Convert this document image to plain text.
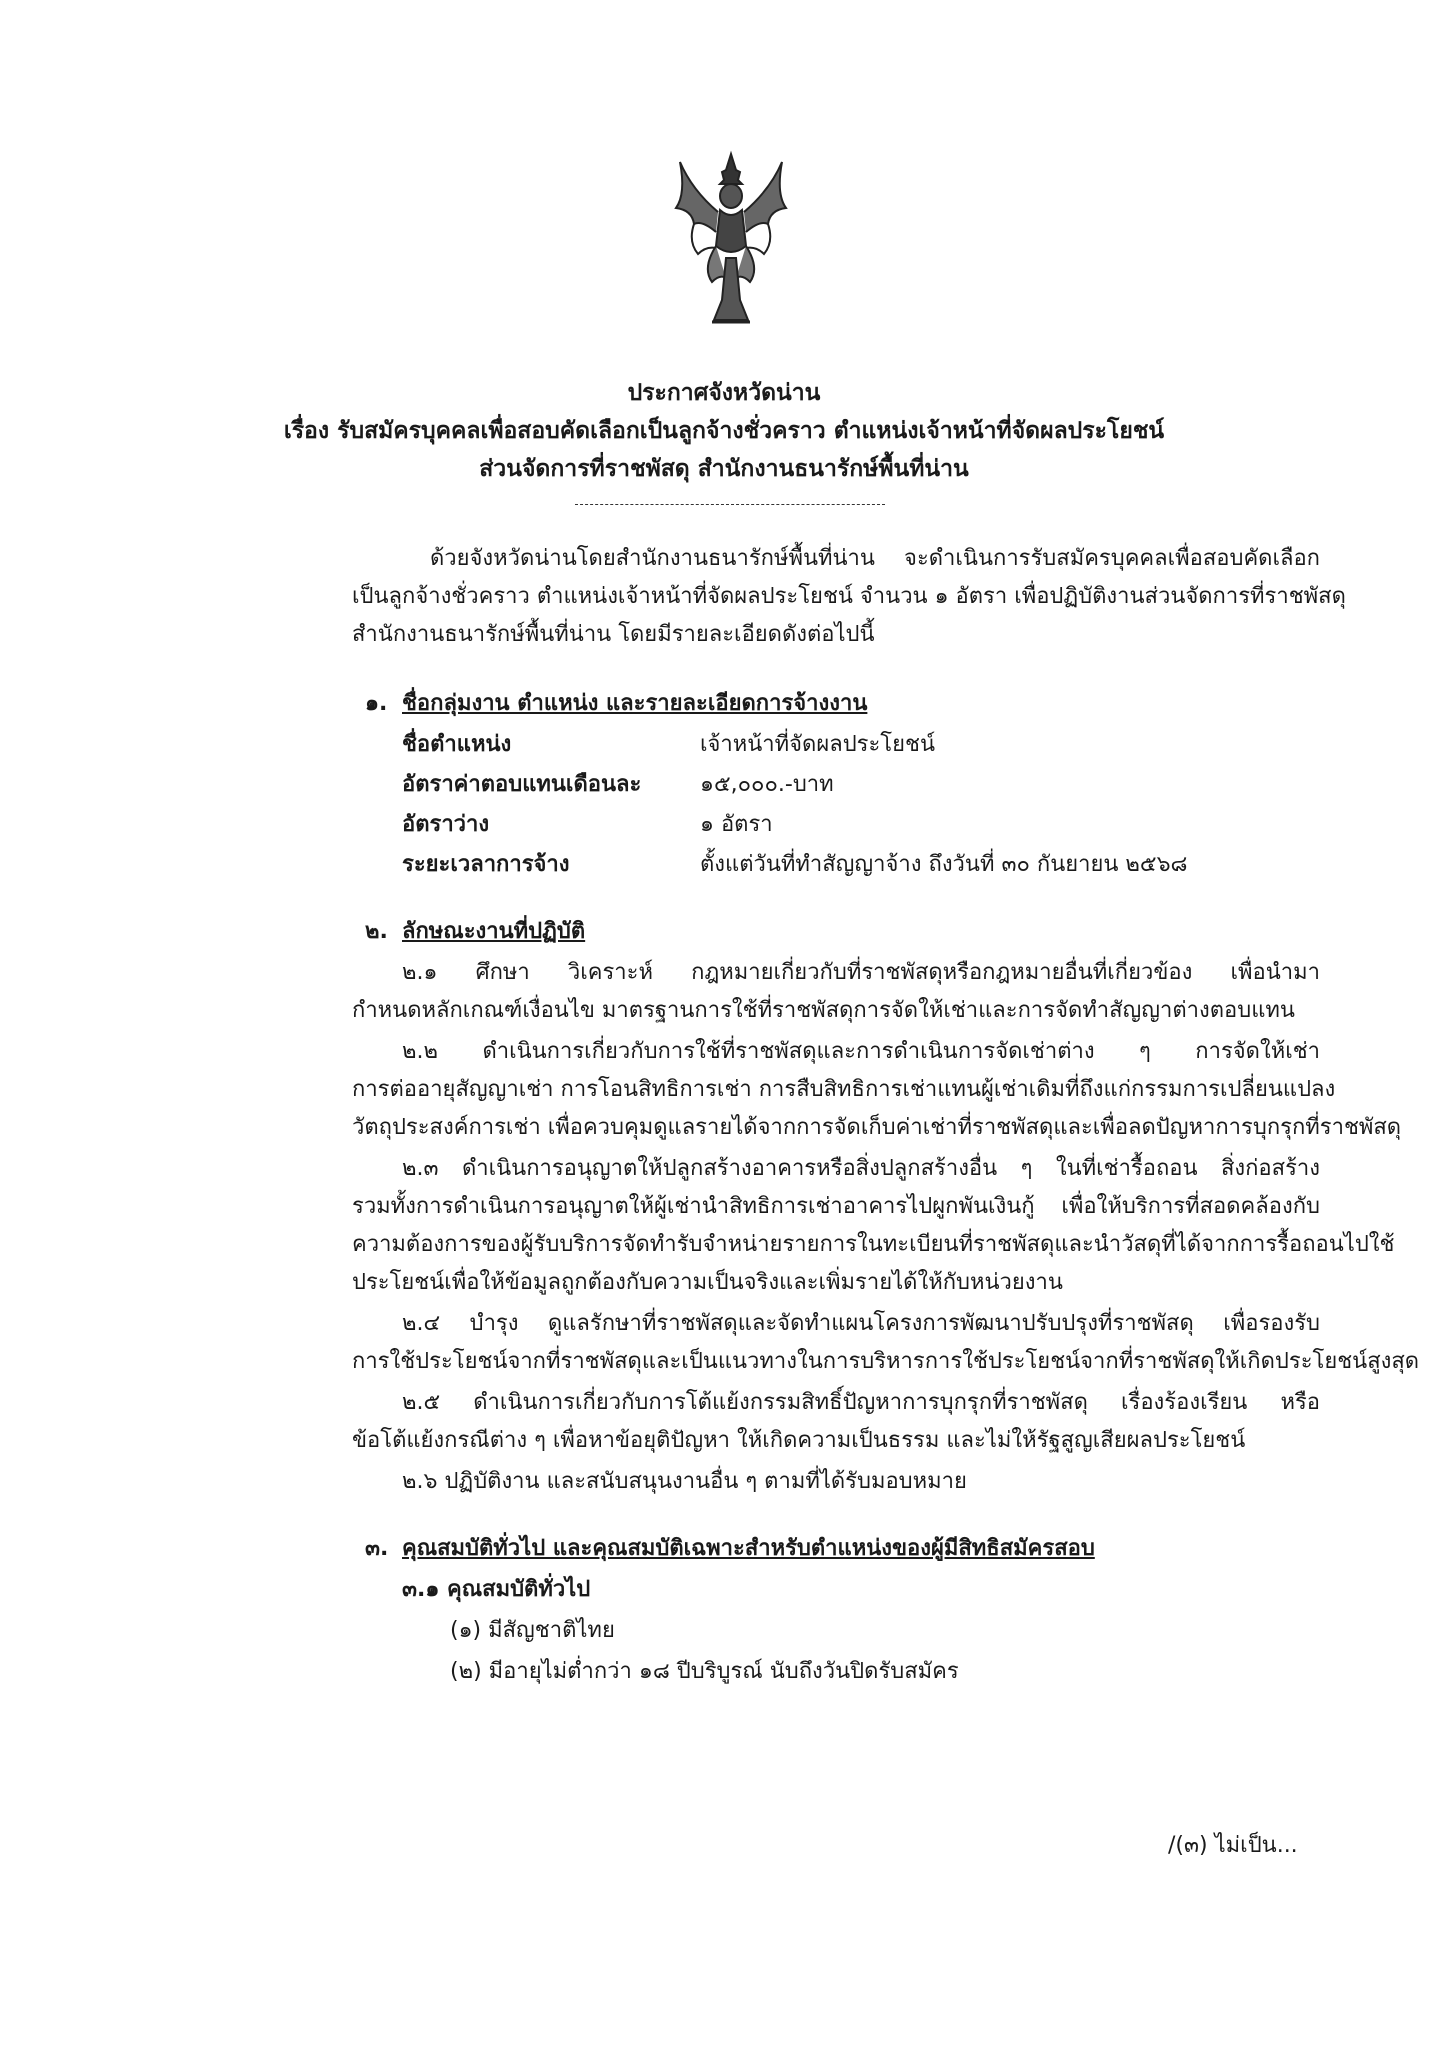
ประกาศจังหวัดน่าน
เรื่อง รับสมัครบุคคลเพื่อสอบคัดเลือกเป็นลูกจ้างชั่วคราว ตำแหน่งเจ้าหน้าที่จัดผลประโยชน์
ส่วนจัดการที่ราชพัสดุ สำนักงานธนารักษ์พื้นที่น่าน
ด้วยจังหวัดน่านโดยสำนักงานธนารักษ์พื้นที่น่าน จะดำเนินการรับสมัครบุคคลเพื่อสอบคัดเลือก
เป็นลูกจ้างชั่วคราว ตำแหน่งเจ้าหน้าที่จัดผลประโยชน์ จำนวน ๑ อัตรา เพื่อปฏิบัติงานส่วนจัดการที่ราชพัสดุ
สำนักงานธนารักษ์พื้นที่น่าน โดยมีรายละเอียดดังต่อไปนี้
๑. ชื่อกลุ่มงาน ตำแหน่ง และรายละเอียดการจ้างงาน
ชื่อตำแหน่ง	เจ้าหน้าที่จัดผลประโยชน์
อัตราค่าตอบแทนเดือนละ	๑๕,๐๐๐.-บาท
อัตราว่าง	๑ อัตรา
ระยะเวลาการจ้าง	ตั้งแต่วันที่ทำสัญญาจ้าง ถึงวันที่ ๓๐ กันยายน ๒๕๖๘
๒. ลักษณะงานที่ปฏิบัติ
๒.๑ ศึกษา วิเคราะห์ กฎหมายเกี่ยวกับที่ราชพัสดุหรือกฎหมายอื่นที่เกี่ยวข้อง เพื่อนำมา
กำหนดหลักเกณฑ์เงื่อนไข มาตรฐานการใช้ที่ราชพัสดุการจัดให้เช่าและการจัดทำสัญญาต่างตอบแทน
๒.๒ ดำเนินการเกี่ยวกับการใช้ที่ราชพัสดุและการดำเนินการจัดเช่าต่าง ๆ การจัดให้เช่า
การต่ออายุสัญญาเช่า การโอนสิทธิการเช่า การสืบสิทธิการเช่าแทนผู้เช่าเดิมที่ถึงแก่กรรมการเปลี่ยนแปลง
วัตถุประสงค์การเช่า เพื่อควบคุมดูแลรายได้จากการจัดเก็บค่าเช่าที่ราชพัสดุและเพื่อลดปัญหาการบุกรุกที่ราชพัสดุ
๒.๓ ดำเนินการอนุญาตให้ปลูกสร้างอาคารหรือสิ่งปลูกสร้างอื่น ๆ ในที่เช่ารื้อถอน สิ่งก่อสร้าง
รวมทั้งการดำเนินการอนุญาตให้ผู้เช่านำสิทธิการเช่าอาคารไปผูกพันเงินกู้ เพื่อให้บริการที่สอดคล้องกับ
ความต้องการของผู้รับบริการจัดทำรับจำหน่ายรายการในทะเบียนที่ราชพัสดุและนำวัสดุที่ได้จากการรื้อถอนไปใช้
ประโยชน์เพื่อให้ข้อมูลถูกต้องกับความเป็นจริงและเพิ่มรายได้ให้กับหน่วยงาน
๒.๔ บำรุง ดูแลรักษาที่ราชพัสดุและจัดทำแผนโครงการพัฒนาปรับปรุงที่ราชพัสดุ เพื่อรองรับ
การใช้ประโยชน์จากที่ราชพัสดุและเป็นแนวทางในการบริหารการใช้ประโยชน์จากที่ราชพัสดุให้เกิดประโยชน์สูงสุด
๒.๕ ดำเนินการเกี่ยวกับการโต้แย้งกรรมสิทธิ์ปัญหาการบุกรุกที่ราชพัสดุ เรื่องร้องเรียน หรือ
ข้อโต้แย้งกรณีต่าง ๆ เพื่อหาข้อยุติปัญหา ให้เกิดความเป็นธรรม และไม่ให้รัฐสูญเสียผลประโยชน์
๒.๖ ปฏิบัติงาน และสนับสนุนงานอื่น ๆ ตามที่ได้รับมอบหมาย
๓. คุณสมบัติทั่วไป และคุณสมบัติเฉพาะสำหรับตำแหน่งของผู้มีสิทธิสมัครสอบ
๓.๑ คุณสมบัติทั่วไป
(๑) มีสัญชาติไทย
(๒) มีอายุไม่ต่ำกว่า ๑๘ ปีบริบูรณ์ นับถึงวันปิดรับสมัคร
/(๓) ไม่เป็น...
